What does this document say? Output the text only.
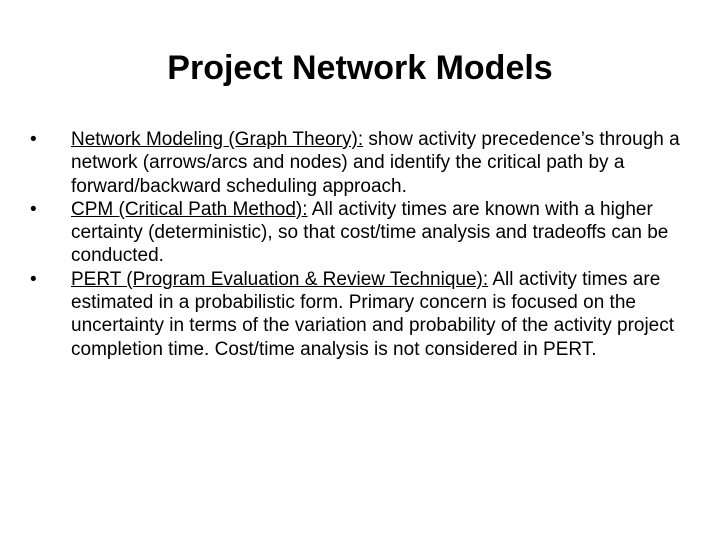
Project Network Models
•	Network Modeling (Graph Theory): show activity precedence’s through a network (arrows/arcs and nodes) and identify the critical path by a forward/backward scheduling approach.
•	CPM (Critical Path Method): All activity times are known with a higher certainty (deterministic), so that cost/time analysis and tradeoffs can be conducted.
•	PERT (Program Evaluation & Review Technique): All activity times are estimated in a probabilistic form. Primary concern is focused on the uncertainty in terms of the variation and probability of the activity project completion time. Cost/time analysis is not considered in PERT.
